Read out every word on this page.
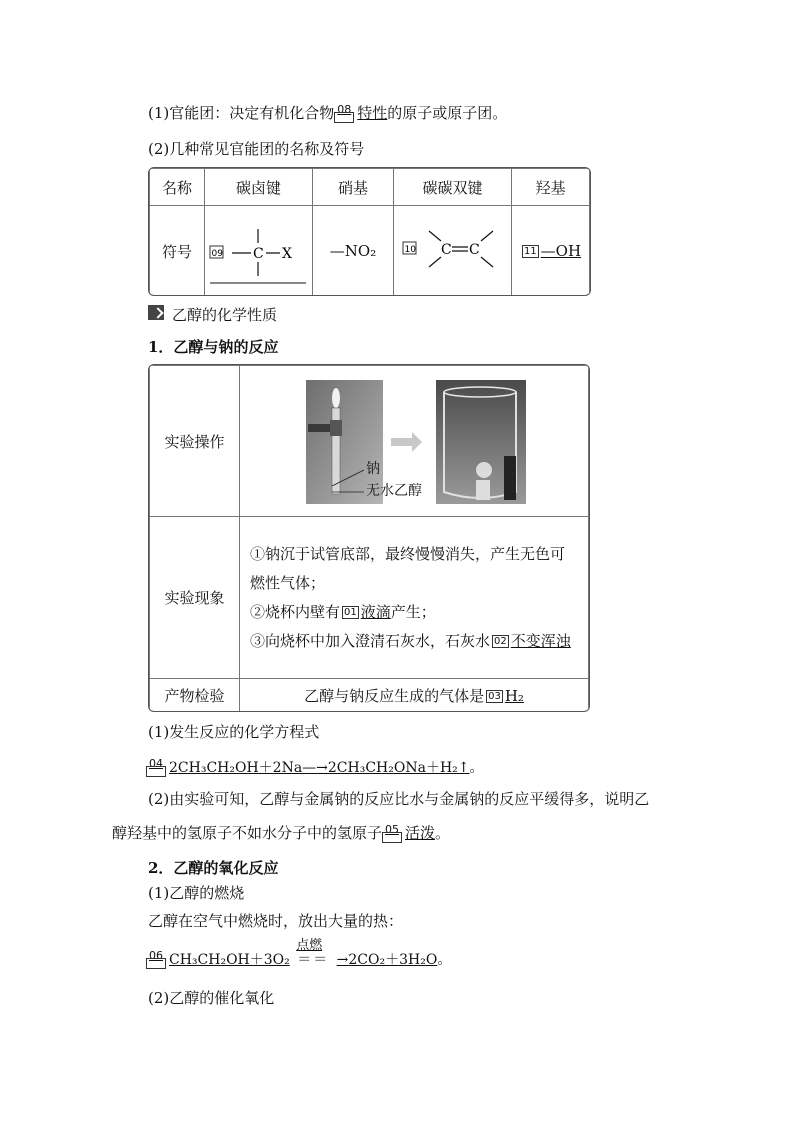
(1)官能团：决定有机化合物 08 特性的原子或原子团。
(2)几种常见官能团的名称及符号
名称	碳卤键	硝基	碳碳双键	羟基
符号	09 C X	—NO₂	10 C C	11 —OH
乙醇的化学性质
1．乙醇与钠的反应
实验操作	钠
无水乙醇

实验现象	①钠沉于试管底部，最终慢慢消失，产生无色可燃性气体；
②烧杯内壁有 01 液滴产生；
③向烧杯中加入澄清石灰水，石灰水 02 不变浑浊

产物检验	乙醇与钠反应生成的气体是 03 H₂
(1)发生反应的化学方程式
04 2CH₃CH₂OH＋2Na—→2CH₃CH₂ONa＋H₂↑。
(2)由实验可知，乙醇与金属钠的反应比水与金属钠的反应平缓得多，说明乙
醇羟基中的氢原子不如水分子中的氢原子 05 活泼。
2．乙醇的氧化反应
(1)乙醇的燃烧
乙醇在空气中燃烧时，放出大量的热：
06 CH₃CH₂OH＋3O₂
点燃
＝＝ →2CO₂＋3H₂O。
(2)乙醇的催化氧化
